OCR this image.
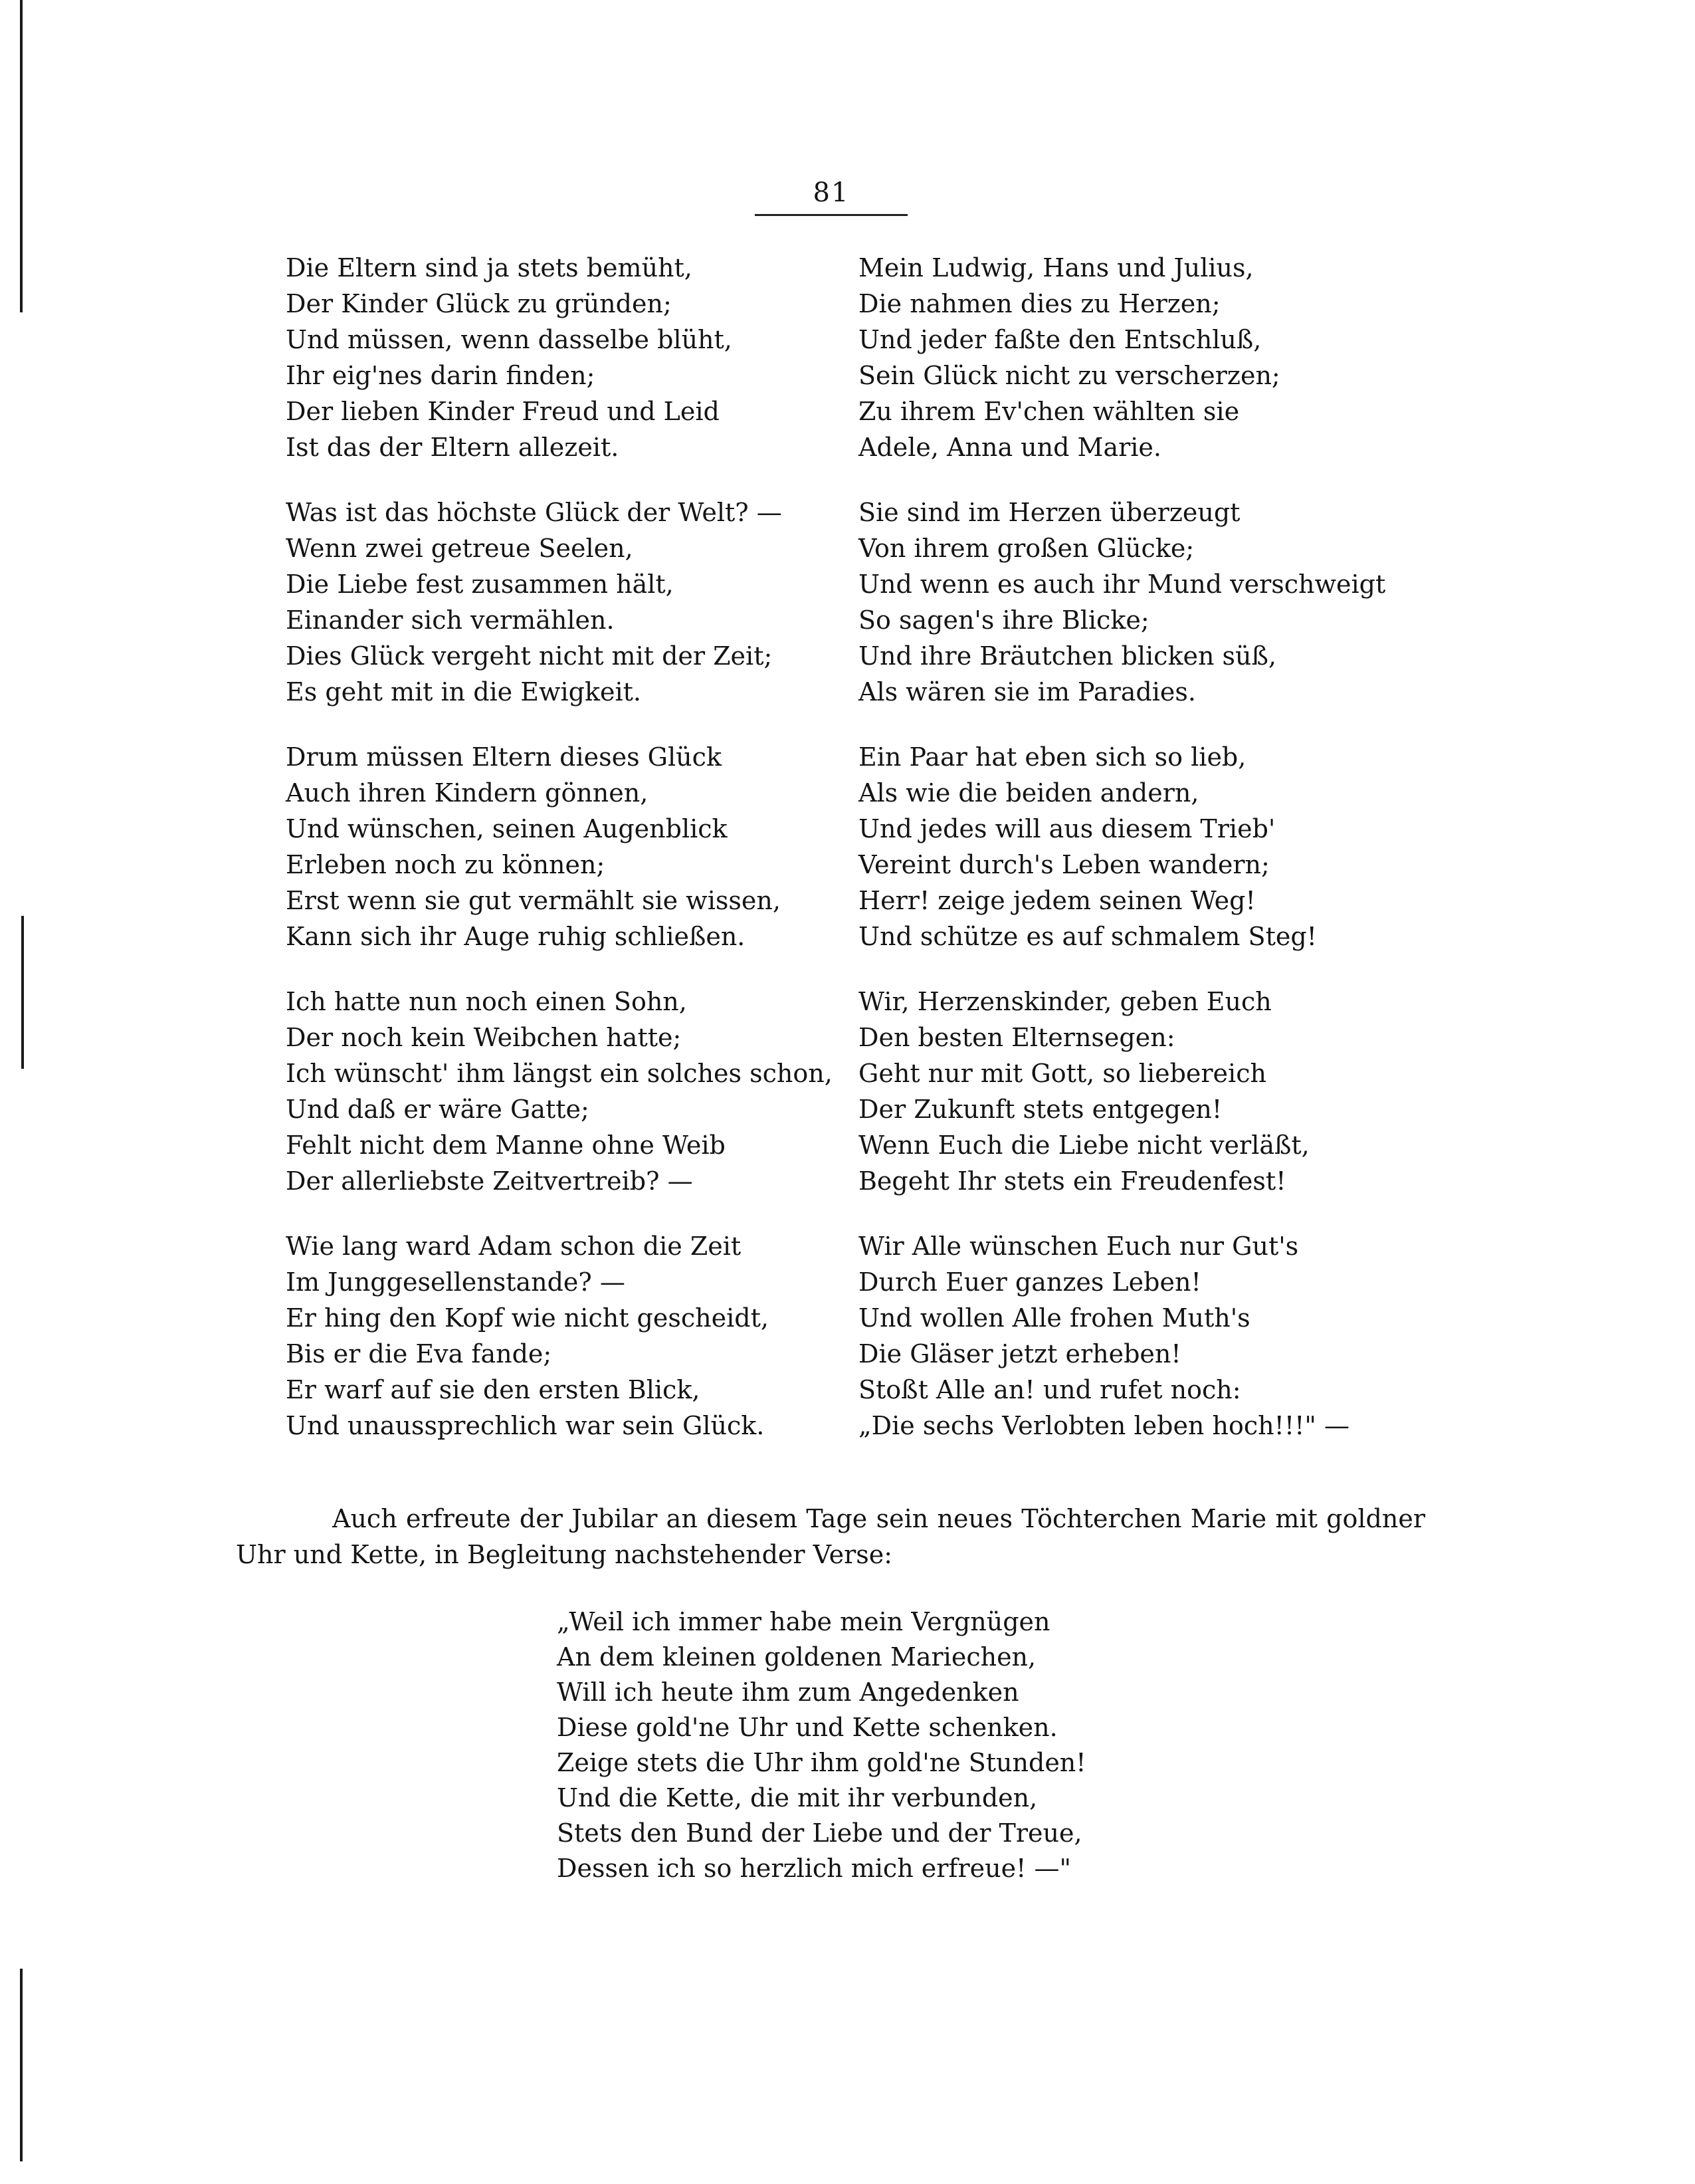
81
Die Eltern sind ja stets bemüht,
Der Kinder Glück zu gründen;
Und müssen, wenn dasselbe blüht,
Ihr eig'nes darin finden;
Der lieben Kinder Freud und Leid
Ist das der Eltern allezeit.
Was ist das höchste Glück der Welt? —
Wenn zwei getreue Seelen,
Die Liebe fest zusammen hält,
Einander sich vermählen.
Dies Glück vergeht nicht mit der Zeit;
Es geht mit in die Ewigkeit.
Drum müssen Eltern dieses Glück
Auch ihren Kindern gönnen,
Und wünschen, seinen Augenblick
Erleben noch zu können;
Erst wenn sie gut vermählt sie wissen,
Kann sich ihr Auge ruhig schließen.
Ich hatte nun noch einen Sohn,
Der noch kein Weibchen hatte;
Ich wünscht' ihm längst ein solches schon,
Und daß er wäre Gatte;
Fehlt nicht dem Manne ohne Weib
Der allerliebste Zeitvertreib? —
Wie lang ward Adam schon die Zeit
Im Junggesellenstande? —
Er hing den Kopf wie nicht gescheidt,
Bis er die Eva fande;
Er warf auf sie den ersten Blick,
Und unaussprechlich war sein Glück.
Mein Ludwig, Hans und Julius,
Die nahmen dies zu Herzen;
Und jeder faßte den Entschluß,
Sein Glück nicht zu verscherzen;
Zu ihrem Ev'chen wählten sie
Adele, Anna und Marie.
Sie sind im Herzen überzeugt
Von ihrem großen Glücke;
Und wenn es auch ihr Mund verschweigt
So sagen's ihre Blicke;
Und ihre Bräutchen blicken süß,
Als wären sie im Paradies.
Ein Paar hat eben sich so lieb,
Als wie die beiden andern,
Und jedes will aus diesem Trieb'
Vereint durch's Leben wandern;
Herr! zeige jedem seinen Weg!
Und schütze es auf schmalem Steg!
Wir, Herzenskinder, geben Euch
Den besten Elternsegen:
Geht nur mit Gott, so liebereich
Der Zukunft stets entgegen!
Wenn Euch die Liebe nicht verläßt,
Begeht Ihr stets ein Freudenfest!
Wir Alle wünschen Euch nur Gut's
Durch Euer ganzes Leben!
Und wollen Alle frohen Muth's
Die Gläser jetzt erheben!
Stoßt Alle an! und rufet noch:
„Die sechs Verlobten leben hoch!!!" —

Auch erfreute der Jubilar an diesem Tage sein neues Töchterchen Marie mit goldner Uhr und Kette, in Begleitung nachstehender Verse:

„Weil ich immer habe mein Vergnügen
An dem kleinen goldenen Mariechen,
Will ich heute ihm zum Angedenken
Diese gold'ne Uhr und Kette schenken.
Zeige stets die Uhr ihm gold'ne Stunden!
Und die Kette, die mit ihr verbunden,
Stets den Bund der Liebe und der Treue,
Dessen ich so herzlich mich erfreue! —"
